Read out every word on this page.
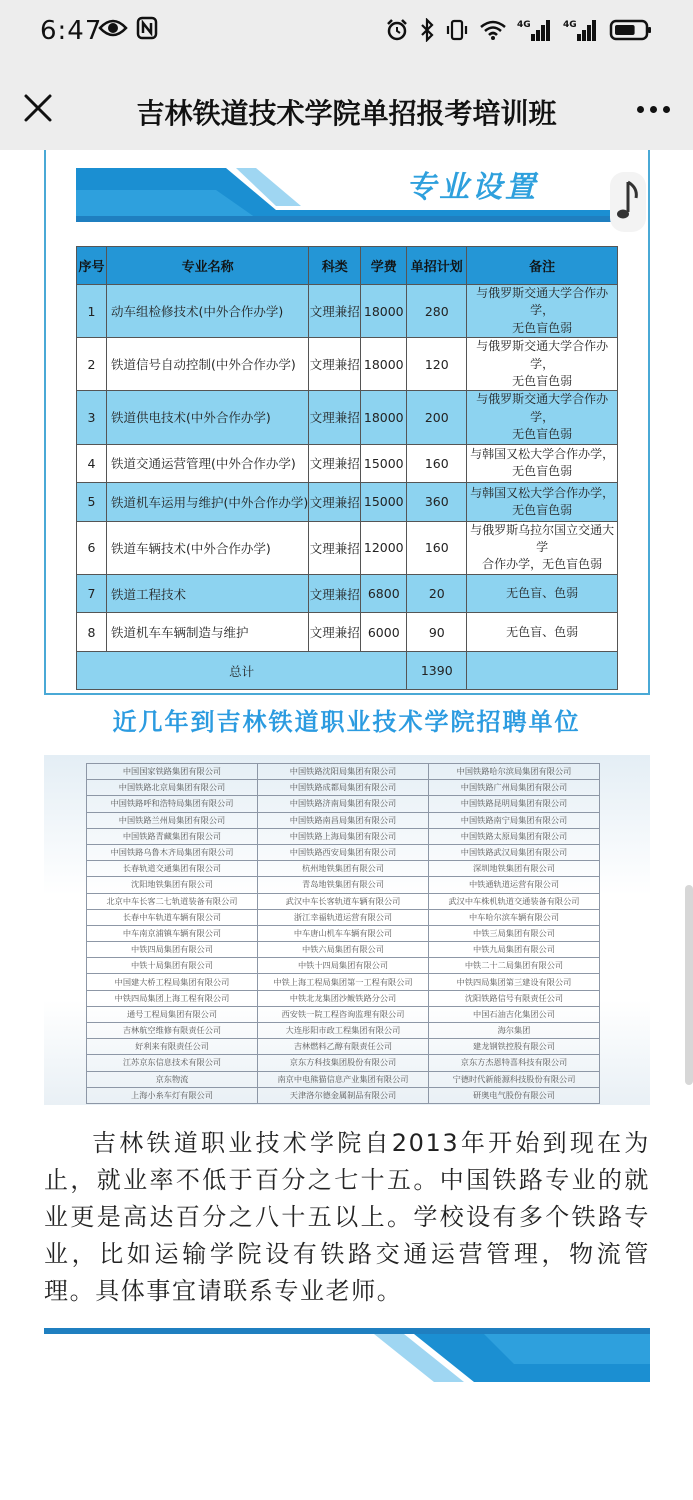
6:47	4G	4G
吉林铁道技术学院单招报考培训班
专业设置
序号	专业名称	科类	学费	单招计划	备注
1	动车组检修技术(中外合作办学)	文理兼招	18000	280	与俄罗斯交通大学合作办学，
无色盲色弱

2	铁道信号自动控制(中外合作办学)	文理兼招	18000	120	与俄罗斯交通大学合作办学，
无色盲色弱

3	铁道供电技术(中外合作办学)	文理兼招	18000	200	与俄罗斯交通大学合作办学，
无色盲色弱

4	铁道交通运营管理(中外合作办学)	文理兼招	15000	160	与韩国又松大学合作办学，
无色盲色弱

5	铁道机车运用与维护(中外合作办学)	文理兼招	15000	360	与韩国又松大学合作办学，
无色盲色弱

6	铁道车辆技术(中外合作办学)	文理兼招	12000	160	与俄罗斯乌拉尔国立交通大学
合作办学，无色盲色弱

7	铁道工程技术	文理兼招	6800	20	无色盲、色弱

8	铁道机车车辆制造与维护	文理兼招	6000	90	无色盲、色弱

总计				1390	
近几年到吉林铁道职业技术学院招聘单位
中国国家铁路集团有限公司	中国铁路沈阳局集团有限公司	中国铁路哈尔滨局集团有限公司
中国铁路北京局集团有限公司	中国铁路成都局集团有限公司	中国铁路广州局集团有限公司
中国铁路呼和浩特局集团有限公司	中国铁路济南局集团有限公司	中国铁路昆明局集团有限公司
中国铁路兰州局集团有限公司	中国铁路南昌局集团有限公司	中国铁路南宁局集团有限公司
中国铁路青藏集团有限公司	中国铁路上海局集团有限公司	中国铁路太原局集团有限公司
中国铁路乌鲁木齐局集团有限公司	中国铁路西安局集团有限公司	中国铁路武汉局集团有限公司
长春轨道交通集团有限公司	杭州地铁集团有限公司	深圳地铁集团有限公司
沈阳地铁集团有限公司	青岛地铁集团有限公司	中铁通轨道运营有限公司
北京中车长客二七轨道装备有限公司	武汉中车长客轨道车辆有限公司	武汉中车株机轨道交通装备有限公司
长春中车轨道车辆有限公司	浙江幸福轨道运营有限公司	中车哈尔滨车辆有限公司
中车南京浦镇车辆有限公司	中车唐山机车车辆有限公司	中铁三局集团有限公司
中铁四局集团有限公司	中铁六局集团有限公司	中铁九局集团有限公司
中铁十局集团有限公司	中铁十四局集团有限公司	中铁二十二局集团有限公司
中国建大桥工程局集团有限公司	中铁上海工程局集团第一工程有限公司	中铁四局集团第三建设有限公司
中铁四局集团上海工程有限公司	中铁北龙集团沙鲅铁路分公司	沈阳铁路信号有限责任公司
通号工程局集团有限公司	西安铁一院工程咨询监理有限公司	中国石油吉化集团公司
吉林航空维修有限责任公司	大连彤阳市政工程集团有限公司	海尔集团
好利来有限责任公司	吉林燃料乙醇有限责任公司	建龙钢铁控股有限公司
江苏京东信息技术有限公司	京东方科技集团股份有限公司	京东方杰恩特喜科技有限公司
京东物流	南京中电熊猫信息产业集团有限公司	宁德时代新能源科技股份有限公司
上海小糸车灯有限公司	天津洛尔德金属制品有限公司	研奥电气股份有限公司
吉林铁道职业技术学院自2013年开始到现在为止，就业率不低于百分之七十五。中国铁路专业的就业更是高达百分之八十五以上。学校设有多个铁路专业，比如运输学院设有铁路交通运营管理，物流管理。具体事宜请联系专业老师。
